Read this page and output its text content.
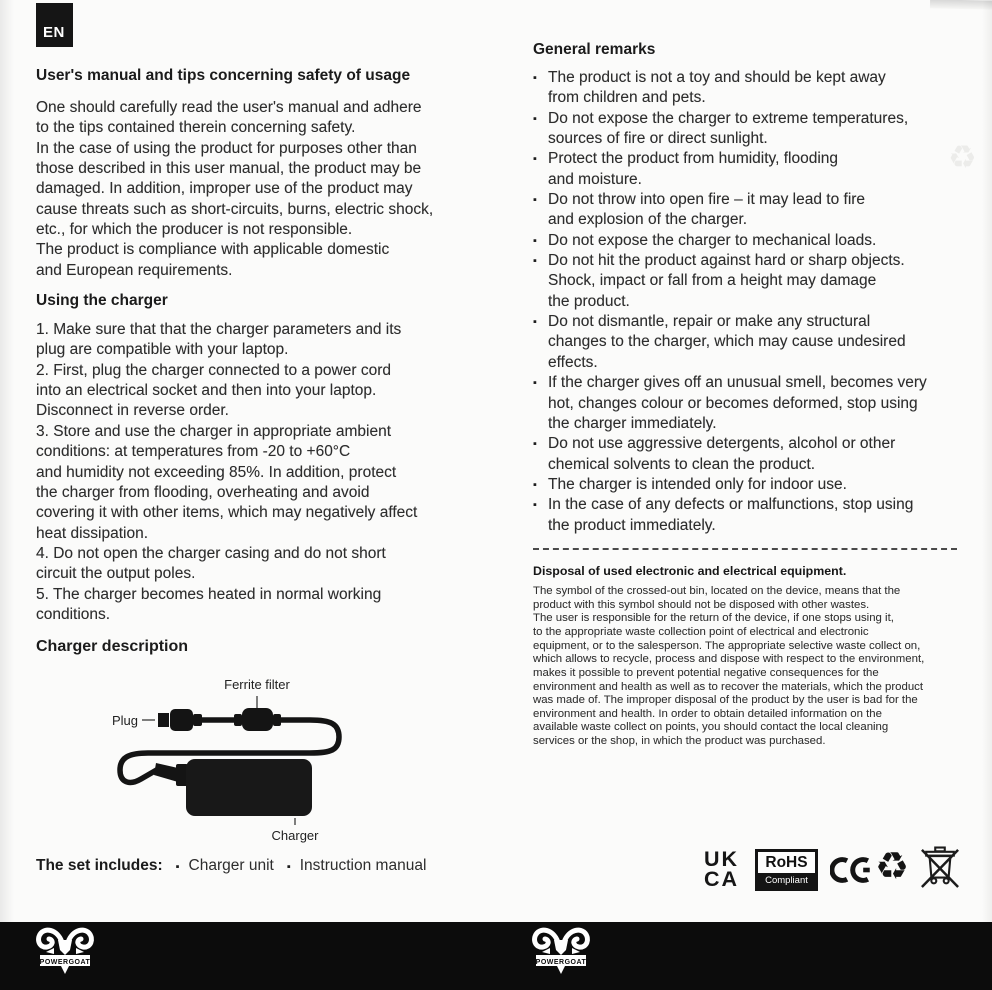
EN
♻
User's manual and tips concerning safety of usage
One should carefully read the user's manual and adhere
to the tips contained therein concerning safety.
In the case of using the product for purposes other than
those described in this user manual, the product may be
damaged. In addition, improper use of the product may
cause threats such as short-circuits, burns, electric shock,
etc., for which the producer is not responsible.
The product is compliance with applicable domestic
and European requirements.
Using the charger
1. Make sure that that the charger parameters and its
plug are compatible with your laptop.
2. First, plug the charger connected to a power cord
into an electrical socket and then into your laptop.
Disconnect in reverse order.
3. Store and use the charger in appropriate ambient
conditions: at temperatures from -20 to +60°C
and humidity not exceeding 85%. In addition, protect
the charger from flooding, overheating and avoid
covering it with other items, which may negatively affect
heat dissipation.
4. Do not open the charger casing and do not short
circuit the output poles.
5. The charger becomes heated in normal working
conditions.
Charger description
Ferrite filter
Plug
Charger
The set includes: ▪ Charger unit ▪ Instruction manual
General remarks
▪ The product is not a toy and should be kept away
from children and pets.
▪ Do not expose the charger to extreme temperatures,
sources of fire or direct sunlight.
▪ Protect the product from humidity, flooding
and moisture.
▪ Do not throw into open fire – it may lead to fire
and explosion of the charger.
▪ Do not expose the charger to mechanical loads.
▪ Do not hit the product against hard or sharp objects.
Shock, impact or fall from a height may damage
the product.
▪ Do not dismantle, repair or make any structural
changes to the charger, which may cause undesired
effects.
▪ If the charger gives off an unusual smell, becomes very
hot, changes colour or becomes deformed, stop using
the charger immediately.
▪ Do not use aggressive detergents, alcohol or other
chemical solvents to clean the product.
▪ The charger is intended only for indoor use.
▪ In the case of any defects or malfunctions, stop using
the product immediately.
Disposal of used electronic and electrical equipment.
The symbol of the crossed-out bin, located on the device, means that the
product with this symbol should not be disposed with other wastes.
The user is responsible for the return of the device, if one stops using it,
to the appropriate waste collection point of electrical and electronic
equipment, or to the salesperson. The appropriate selective waste collect on,
which allows to recycle, process and dispose with respect to the environment,
makes it possible to prevent potential negative consequences for the
environment and health as well as to recover the materials, which the product
was made of. The improper disposal of the product by the user is bad for the
environment and health. In order to obtain detailed information on the
available waste collect on points, you should contact the local cleaning
services or the shop, in which the product was purchased.
UK
CA
RoHS
Compliant ♻
POWERGOAT	POWERGOAT
